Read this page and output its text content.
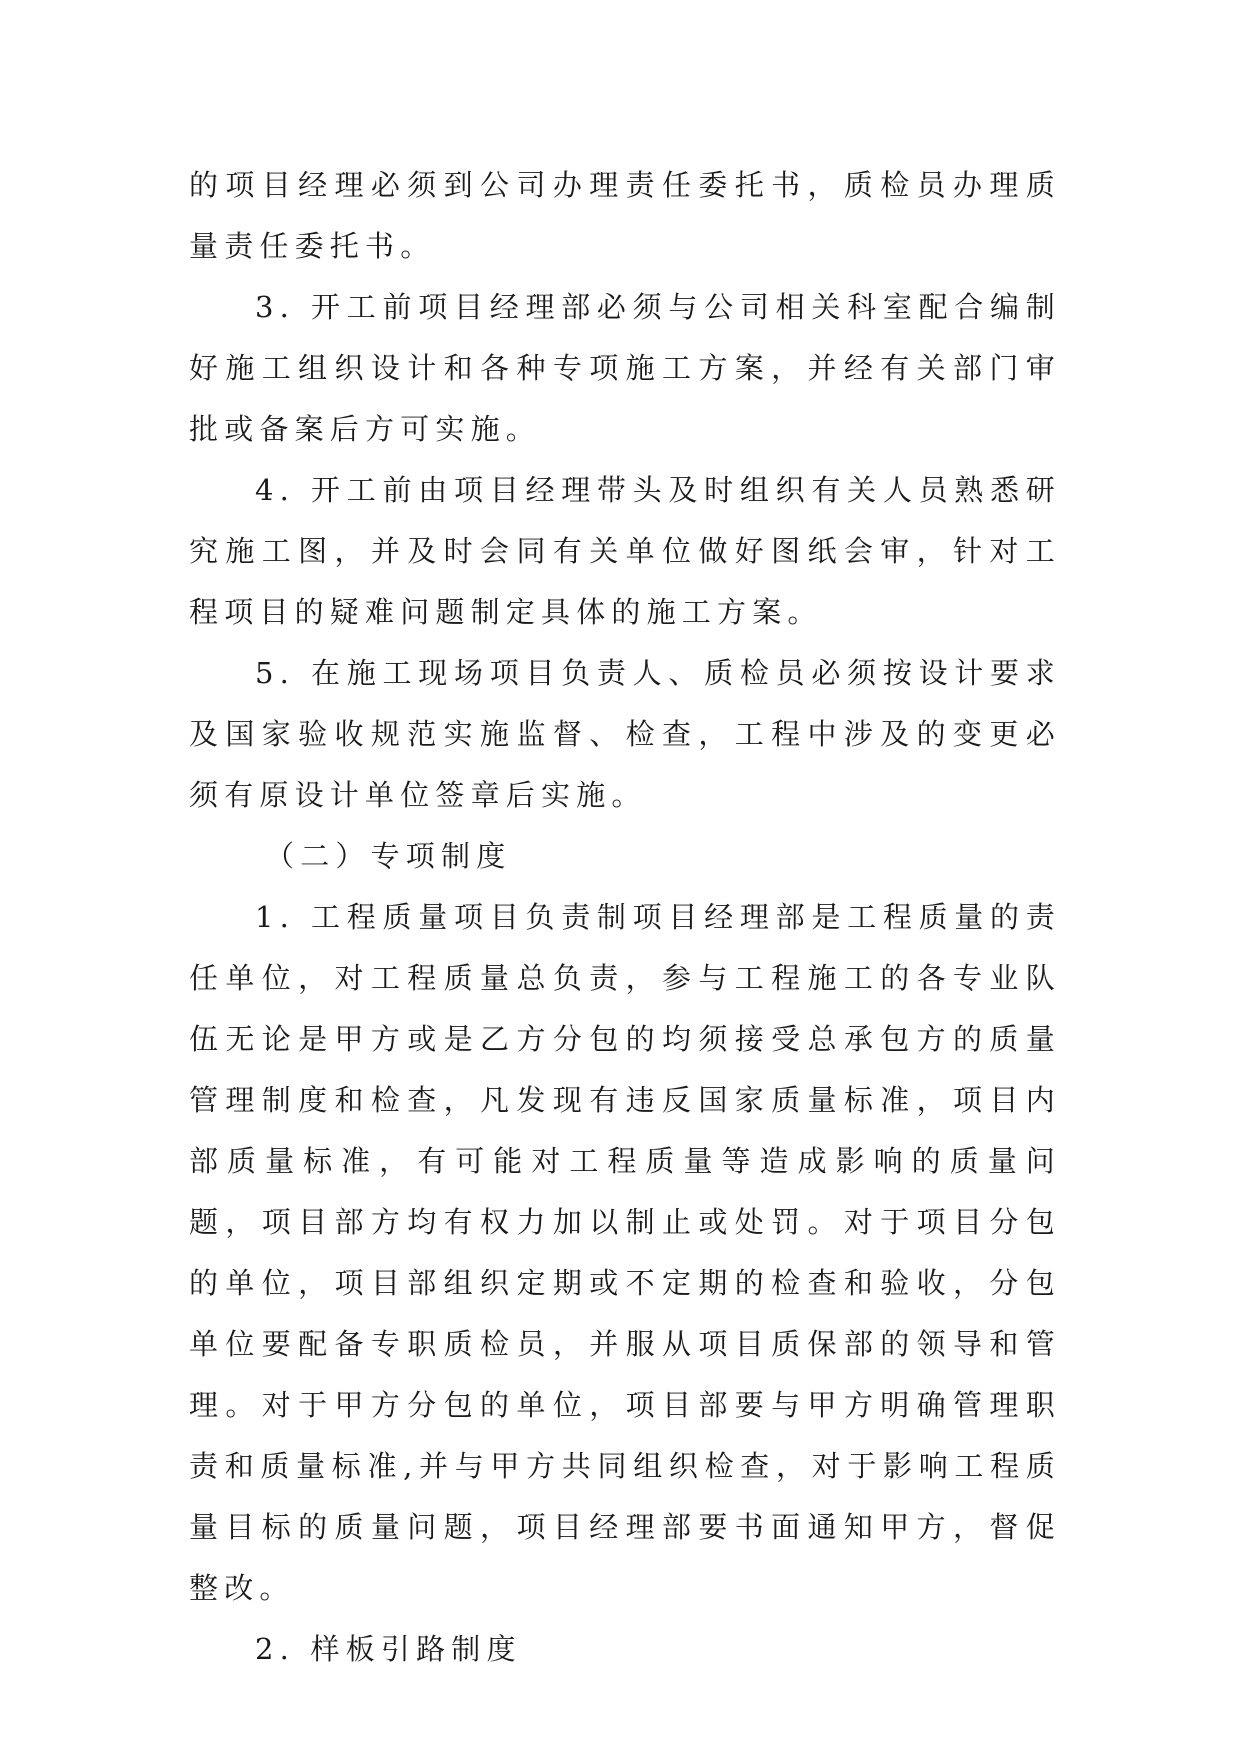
的项目经理必须到公司办理责任委托书，质检员办理质量责任委托书。

3. 开工前项目经理部必须与公司相关科室配合编制好施工组织设计和各种专项施工方案，并经有关部门审批或备案后方可实施。

4. 开工前由项目经理带头及时组织有关人员熟悉研究施工图，并及时会同有关单位做好图纸会审，针对工程项目的疑难问题制定具体的施工方案。

5. 在施工现场项目负责人、质检员必须按设计要求及国家验收规范实施监督、检查，工程中涉及的变更必须有原设计单位签章后实施。

（二）专项制度

1. 工程质量项目负责制项目经理部是工程质量的责任单位，对工程质量总负责，参与工程施工的各专业队伍无论是甲方或是乙方分包的均须接受总承包方的质量管理制度和检查，凡发现有违反国家质量标准，项目内部质量标准，有可能对工程质量等造成影响的质量问题，项目部方均有权力加以制止或处罚。对于项目分包的单位，项目部组织定期或不定期的检查和验收，分包单位要配备专职质检员，并服从项目质保部的领导和管理。对于甲方分包的单位，项目部要与甲方明确管理职责和质量标准,并与甲方共同组织检查，对于影响工程质量目标的质量问题，项目经理部要书面通知甲方，督促整改。

2. 样板引路制度
